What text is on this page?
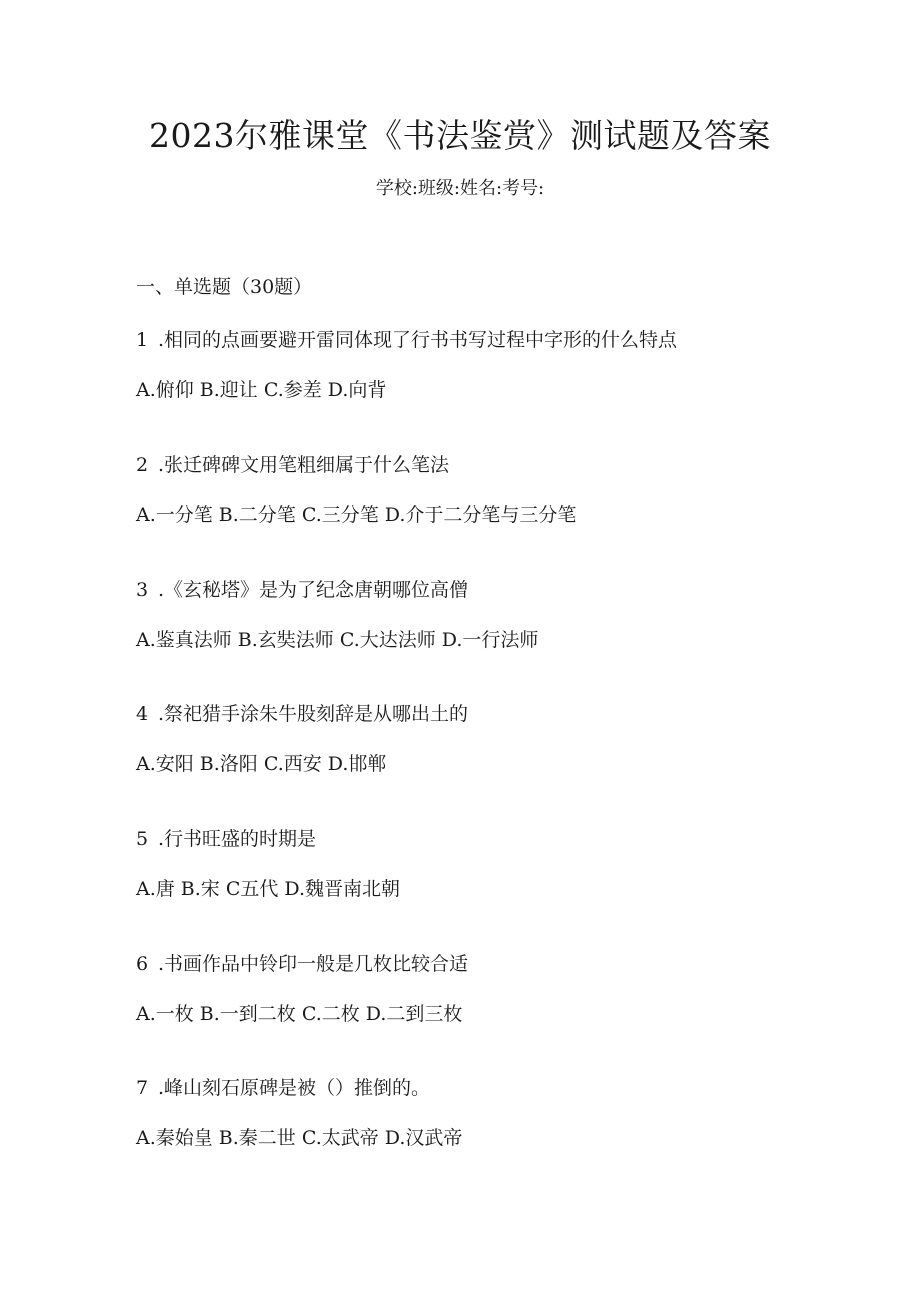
2023尔雅课堂《书法鉴赏》测试题及答案
学校:班级:姓名:考号:
一、单选题（30题）
1 .相同的点画要避开雷同体现了行书书写过程中字形的什么特点
A.俯仰 B.迎让 C.参差 D.向背
2 .张迁碑碑文用笔粗细属于什么笔法
A.一分笔 B.二分笔 C.三分笔 D.介于二分笔与三分笔
3 .《玄秘塔》是为了纪念唐朝哪位高僧
A.鉴真法师 B.玄奘法师 C.大达法师 D.一行法师
4 .祭祀猎手涂朱牛股刻辞是从哪出土的
A.安阳 B.洛阳 C.西安 D.邯郸
5 .行书旺盛的时期是
A.唐 B.宋 C五代 D.魏晋南北朝
6 .书画作品中铃印一般是几枚比较合适
A.一枚 B.一到二枚 C.二枚 D.二到三枚
7 .峰山刻石原碑是被（）推倒的。
A.秦始皇 B.秦二世 C.太武帝 D.汉武帝
